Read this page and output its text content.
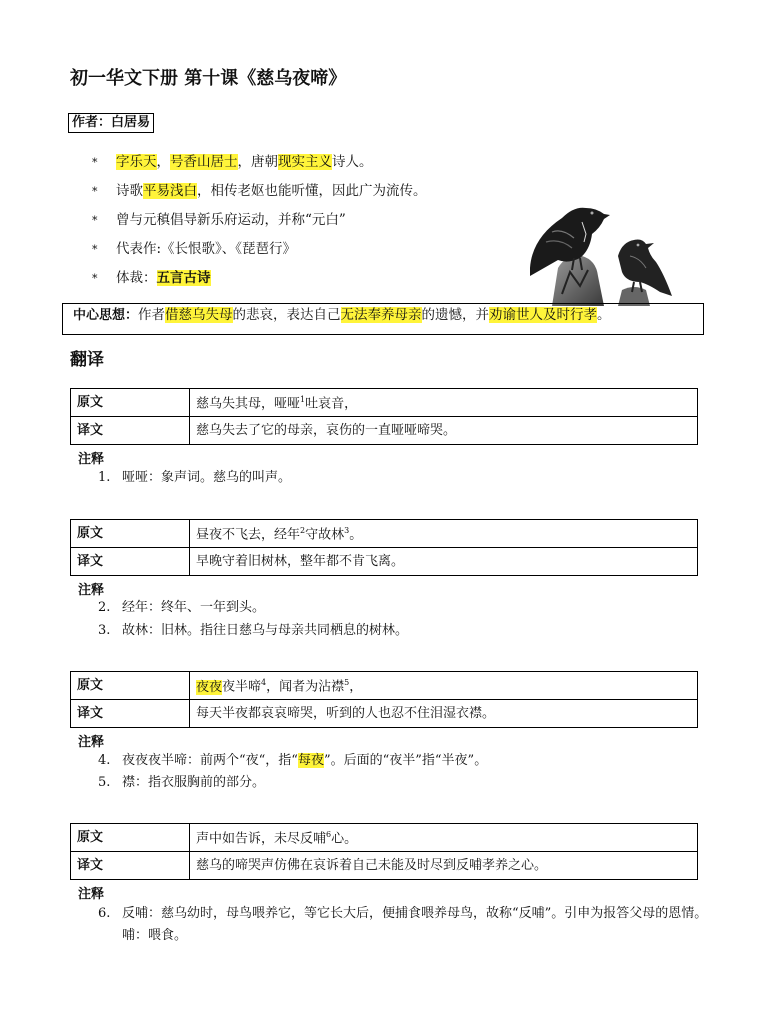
初一华文下册 第十课《慈乌夜啼》
作者：白居易
* 字乐天，号香山居士，唐朝现实主义诗人。
* 诗歌平易浅白，相传老妪也能听懂，因此广为流传。
* 曾与元稹倡导新乐府运动，并称“元白”
* 代表作:《长恨歌》、《琵琶行》
* 体裁：五言古诗
中心思想：作者借慈乌失母的悲哀，表达自己无法奉养母亲的遗憾，并劝谕世人及时行孝。
翻译
原文	慈乌失其母，哑哑$^1$吐哀音，
译文	慈乌失去了它的母亲，哀伤的一直哑哑啼哭。
注释
1. 哑哑：象声词。慈乌的叫声。
原文	昼夜不飞去，经年$^2$守故林$^3$。
译文	早晚守着旧树林，整年都不肯飞离。
注释
2. 经年：终年、一年到头。
3. 故林：旧林。指往日慈乌与母亲共同栖息的树林。
原文	夜夜夜半啼$^4$，闻者为沾襟$^5$，
译文	每天半夜都哀哀啼哭，听到的人也忍不住泪湿衣襟。
注释
4. 夜夜夜半啼：前两个“夜“，指“每夜”。后面的“夜半”指“半夜”。
5. 襟：指衣服胸前的部分。
原文	声中如告诉，未尽反哺$^6$心。
译文	慈乌的啼哭声仿佛在哀诉着自己未能及时尽到反哺孝养之心。
注释
6. 反哺：慈乌幼时，母鸟喂养它，等它长大后，便捕食喂养母鸟，故称“反哺”。引申为报答父母的恩情。哺：喂食。
